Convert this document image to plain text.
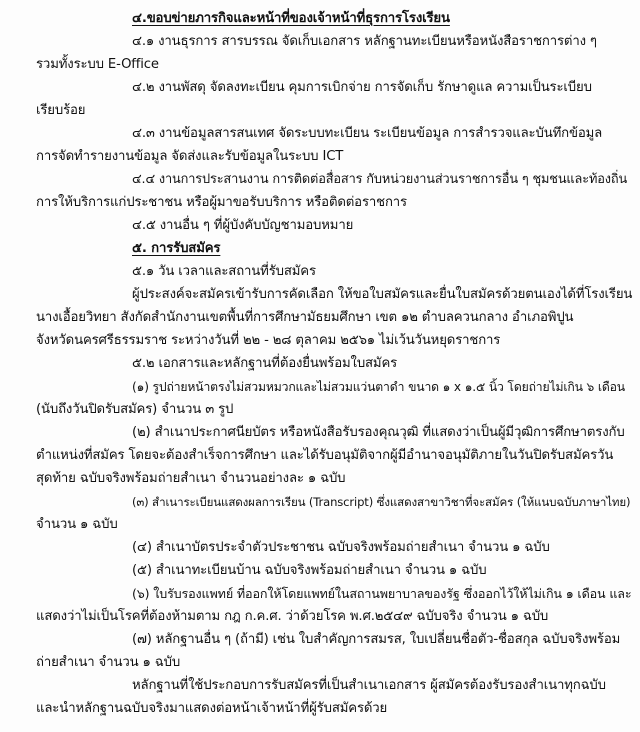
๔.ขอบข่ายภารกิจและหน้าที่ของเจ้าหน้าที่ธุรการโรงเรียน
๔.๑ งานธุรการ สารบรรณ จัดเก็บเอกสาร หลักฐานทะเบียนหรือหนังสือราชการต่าง ๆ
รวมทั้งระบบ E-Office
๔.๒ งานพัสดุ จัดลงทะเบียน คุมการเบิกจ่าย การจัดเก็บ รักษาดูแล ความเป็นระเบียบ
เรียบร้อย
๔.๓ งานข้อมูลสารสนเทศ จัดระบบทะเบียน ระเบียนข้อมูล การสำรวจและบันทึกข้อมูล
การจัดทำรายงานข้อมูล จัดส่งและรับข้อมูลในระบบ ICT
๔.๔ งานการประสานงาน การติดต่อสื่อสาร กับหน่วยงานส่วนราชการอื่น ๆ ชุมชนและท้องถิ่น
การให้บริการแก่ประชาชน หรือผู้มาขอรับบริการ หรือติดต่อราชการ
๔.๕ งานอื่น ๆ ที่ผู้บังคับบัญชามอบหมาย
๕. การรับสมัคร
๕.๑ วัน เวลาและสถานที่รับสมัคร
ผู้ประสงค์จะสมัครเข้ารับการคัดเลือก ให้ขอใบสมัครและยื่นใบสมัครด้วยตนเองได้ที่โรงเรียน
นางเอื้อยวิทยา สังกัดสำนักงานเขตพื้นที่การศึกษามัธยมศึกษา เขต ๑๒ ตำบลควนกลาง อำเภอพิปูน
จังหวัดนครศรีธรรมราช ระหว่างวันที่ ๒๒ - ๒๘ ตุลาคม ๒๕๖๑ ไม่เว้นวันหยุดราชการ
๕.๒ เอกสารและหลักฐานที่ต้องยื่นพร้อมใบสมัคร
(๑) รูปถ่ายหน้าตรงไม่สวมหมวกและไม่สวมแว่นตาดำ ขนาด ๑ x ๑.๕ นิ้ว โดยถ่ายไม่เกิน ๖ เดือน
(นับถึงวันปิดรับสมัคร) จำนวน ๓ รูป
(๒) สำเนาประกาศนียบัตร หรือหนังสือรับรองคุณวุฒิ ที่แสดงว่าเป็นผู้มีวุฒิการศึกษาตรงกับ
ตำแหน่งที่สมัคร โดยจะต้องสำเร็จการศึกษา และได้รับอนุมัติจากผู้มีอำนาจอนุมัติภายในวันปิดรับสมัครวัน
สุดท้าย ฉบับจริงพร้อมถ่ายสำเนา จำนวนอย่างละ ๑ ฉบับ
(๓) สำเนาระเบียนแสดงผลการเรียน (Transcript) ซึ่งแสดงสาขาวิชาที่จะสมัคร (ให้แนบฉบับภาษาไทย)
จำนวน ๑ ฉบับ
(๔) สำเนาบัตรประจำตัวประชาชน ฉบับจริงพร้อมถ่ายสำเนา จำนวน ๑ ฉบับ
(๕) สำเนาทะเบียนบ้าน ฉบับจริงพร้อมถ่ายสำเนา จำนวน ๑ ฉบับ
(๖) ใบรับรองแพทย์ ที่ออกให้โดยแพทย์ในสถานพยาบาลของรัฐ ซึ่งออกไว้ให้ไม่เกิน ๑ เดือน และ
แสดงว่าไม่เป็นโรคที่ต้องห้ามตาม กฎ ก.ค.ศ. ว่าด้วยโรค พ.ศ.๒๕๔๙ ฉบับจริง จำนวน ๑ ฉบับ
(๗) หลักฐานอื่น ๆ (ถ้ามี) เช่น ใบสำคัญการสมรส, ใบเปลี่ยนชื่อตัว-ชื่อสกุล ฉบับจริงพร้อม
ถ่ายสำเนา จำนวน ๑ ฉบับ
หลักฐานที่ใช้ประกอบการรับสมัครที่เป็นสำเนาเอกสาร ผู้สมัครต้องรับรองสำเนาทุกฉบับ
และนำหลักฐานฉบับจริงมาแสดงต่อหน้าเจ้าหน้าที่ผู้รับสมัครด้วย
